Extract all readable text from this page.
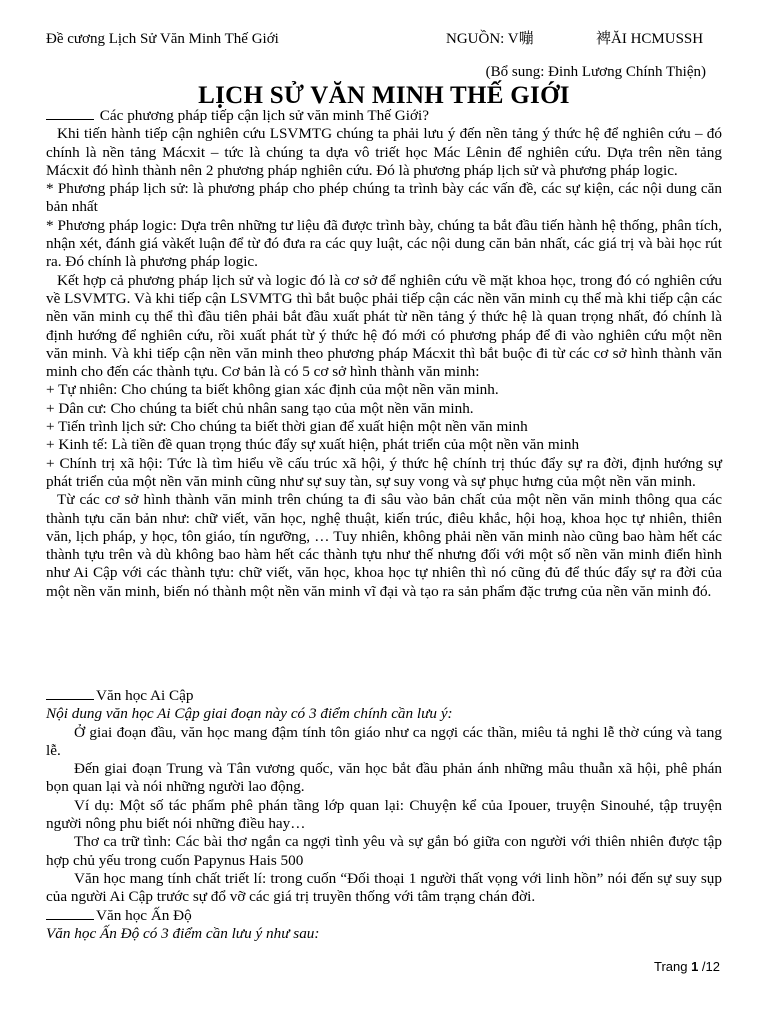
Đề cương Lịch Sử Văn Minh Thế Giới	NGUỒN: V嘣	裨ĂI HCMUSSH
(Bổ sung: Đinh Lương Chính Thiện)
LỊCH SỬ VĂN MINH THẾ GIỚI

Các phương pháp tiếp cận lịch sử văn minh Thế Giới?

Khi tiến hành tiếp cận nghiên cứu LSVMTG chúng ta phải lưu ý đến nền tảng ý thức hệ để nghiên cứu – đó chính là nền tảng Mácxit – tức là chúng ta dựa vô triết học Mác Lênin để nghiên cứu. Dựa trên nền tảng Mácxit đó hình thành nên 2 phương pháp nghiên cứu. Đó là phương pháp lịch sử và phương pháp logic.

* Phương pháp lịch sử: là phương pháp cho phép chúng ta trình bày các vấn đề, các sự kiện, các nội dung căn bản nhất

* Phương pháp logic: Dựa trên những tư liệu đã được trình bày, chúng ta bắt đầu tiến hành hệ thống, phân tích, nhận xét, đánh giá vàkết luận để từ đó đưa ra các quy luật, các nội dung căn bản nhất, các giá trị và bài học rút ra. Đó chính là phương pháp logic.

Kết hợp cả phương pháp lịch sử và logic đó là cơ sở để nghiên cứu về mặt khoa học, trong đó có nghiên cứu về LSVMTG. Và khi tiếp cận LSVMTG thì bắt buộc phải tiếp cận các nền văn minh cụ thể mà khi tiếp cận các nền văn minh cụ thể thì đầu tiên phải bắt đầu xuất phát từ nền tảng ý thức hệ là quan trọng nhất, đó chính là định hướng để nghiên cứu, rồi xuất phát từ ý thức hệ đó mới có phương pháp để đi vào nghiên cứu một nền văn minh. Và khi tiếp cận nền văn minh theo phương pháp Mácxit thì bắt buộc đi từ các cơ sở hình thành văn minh cho đến các thành tựu. Cơ bản là có 5 cơ sở hình thành văn minh:

+ Tự nhiên: Cho chúng ta biết không gian xác định của một nền văn minh.

+ Dân cư: Cho chúng ta biết chủ nhân sang tạo của một nền văn minh.

+ Tiến trình lịch sử: Cho chúng ta biết thời gian để xuất hiện một nền văn minh

+ Kinh tế: Là tiền đề quan trọng thúc đẩy sự xuất hiện, phát triển của một nền văn minh

+ Chính trị xã hội: Tức là tìm hiểu về cấu trúc xã hội, ý thức hệ chính trị thúc đẩy sự ra đời, định hướng sự phát triển của một nền văn minh cũng như sự suy tàn, sự suy vong và sự phục hưng của một nền văn minh.

Từ các cơ sở hình thành văn minh trên chúng ta đi sâu vào bản chất của một nền văn minh thông qua các thành tựu căn bản như: chữ viết, văn học, nghệ thuật, kiến trúc, điêu khắc, hội hoạ, khoa học tự nhiên, thiên văn, lịch pháp, y học, tôn giáo, tín ngưỡng, … Tuy nhiên, không phải nền văn minh nào cũng bao hàm hết các thành tựu trên và dù không bao hàm hết các thành tựu như thế nhưng đối với một số nền văn minh điển hình như Ai Cập với các thành tựu: chữ viết, văn học, khoa học tự nhiên thì nó cũng đủ để thúc đẩy sự ra đời của một nền văn minh, biến nó thành một nền văn minh vĩ đại và tạo ra sản phẩm đặc trưng của nền văn minh đó.

Văn học Ai Cập

Nội dung văn học Ai Cập giai đoạn này có 3 điểm chính cần lưu ý:

Ở giai đoạn đầu, văn học mang đậm tính tôn giáo như ca ngợi các thần, miêu tả nghi lễ thờ cúng và tang lễ.

Đến giai đoạn Trung và Tân vương quốc, văn học bắt đầu phản ánh những mâu thuẫn xã hội, phê phán bọn quan lại và nói những người lao động.

Ví dụ: Một số tác phẩm phê phán tầng lớp quan lại: Chuyện kể của Ipouer, truyện Sinouhé, tập truyện người nông phu biết nói những điều hay…

Thơ ca trữ tình: Các bài thơ ngắn ca ngợi tình yêu và sự gắn bó giữa con người với thiên nhiên được tập hợp chủ yếu trong cuốn Papynus Hais 500

Văn học mang tính chất triết lí: trong cuốn “Đối thoại 1 người thất vọng với linh hồn” nói đến sự suy sụp của người Ai Cập trước sự đổ vỡ các giá trị truyền thống với tâm trạng chán đời.

Văn học Ấn Độ

Văn học Ấn Độ có 3 điểm cần lưu ý như sau:

Trang 1 /12
